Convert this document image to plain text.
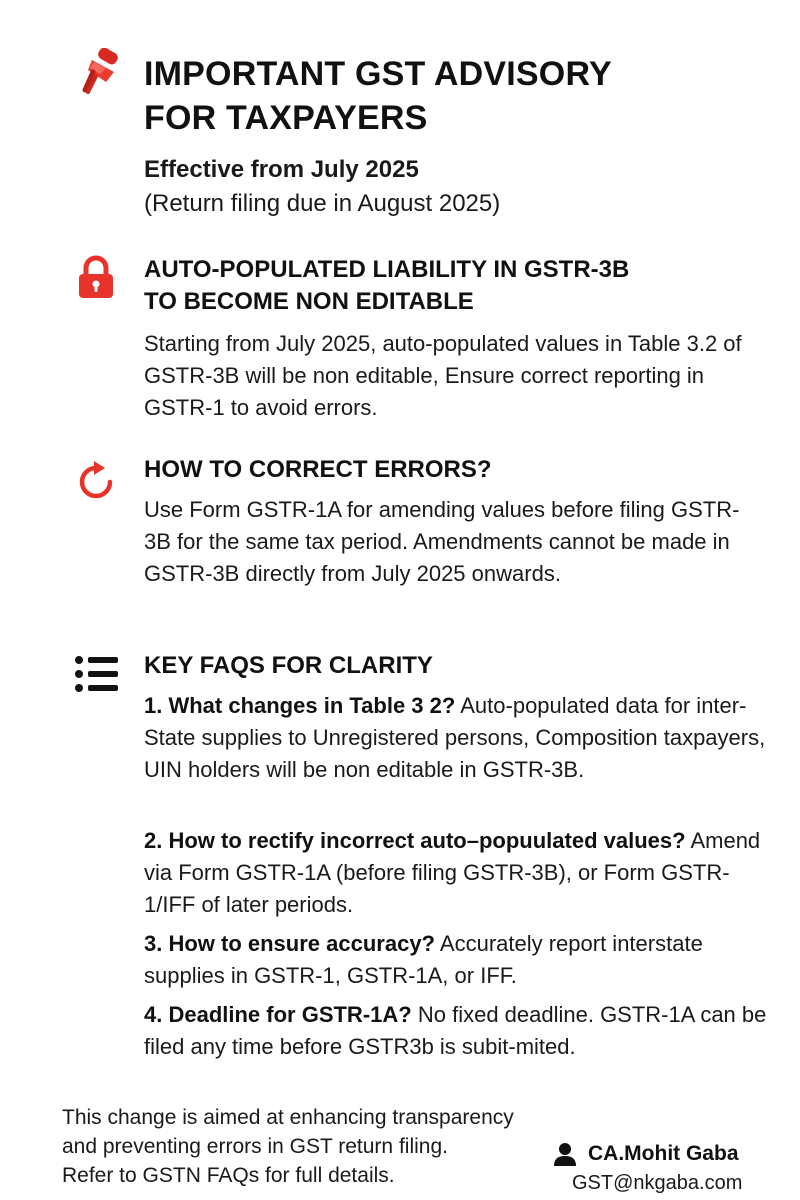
IMPORTANT GST ADVISORY
FOR TAXPAYERS

Effective from July 2025

(Return filing due in August 2025)

AUTO-POPULATED LIABILITY IN GSTR-3B
TO BECOME NON EDITABLE

Starting from July 2025, auto-populated values in Table 3.2 of GSTR-3B will be non editable, Ensure correct reporting in GSTR-1 to avoid errors.

HOW TO CORRECT ERRORS?

Use Form GSTR-1A for amending values before filing GSTR-3B for the same tax period. Amendments cannot be made in GSTR-3B directly from July 2025 onwards.

KEY FAQS FOR CLARITY

1. What changes in Table 3 2? Auto-populated data for inter-State supplies to Unregistered persons, Composition taxpayers, UIN holders will be non editable in GSTR-3B.

2. How to rectify incorrect auto–popuulated values? Amend via Form GSTR-1A (before filing GSTR-3B), or Form GSTR-1/IFF of later periods.

3. How to ensure accuracy? Accurately report interstate supplies in GSTR-1, GSTR-1A, or IFF.

4. Deadline for GSTR-1A? No fixed deadline. GSTR-1A can be filed any time before GSTR3b is subit-mited.

This change is aimed at enhancing transparency
and preventing errors in GST return filing.
Refer to GSTN FAQs for full details.

CA.Mohit Gaba

GST@nkgaba.com
